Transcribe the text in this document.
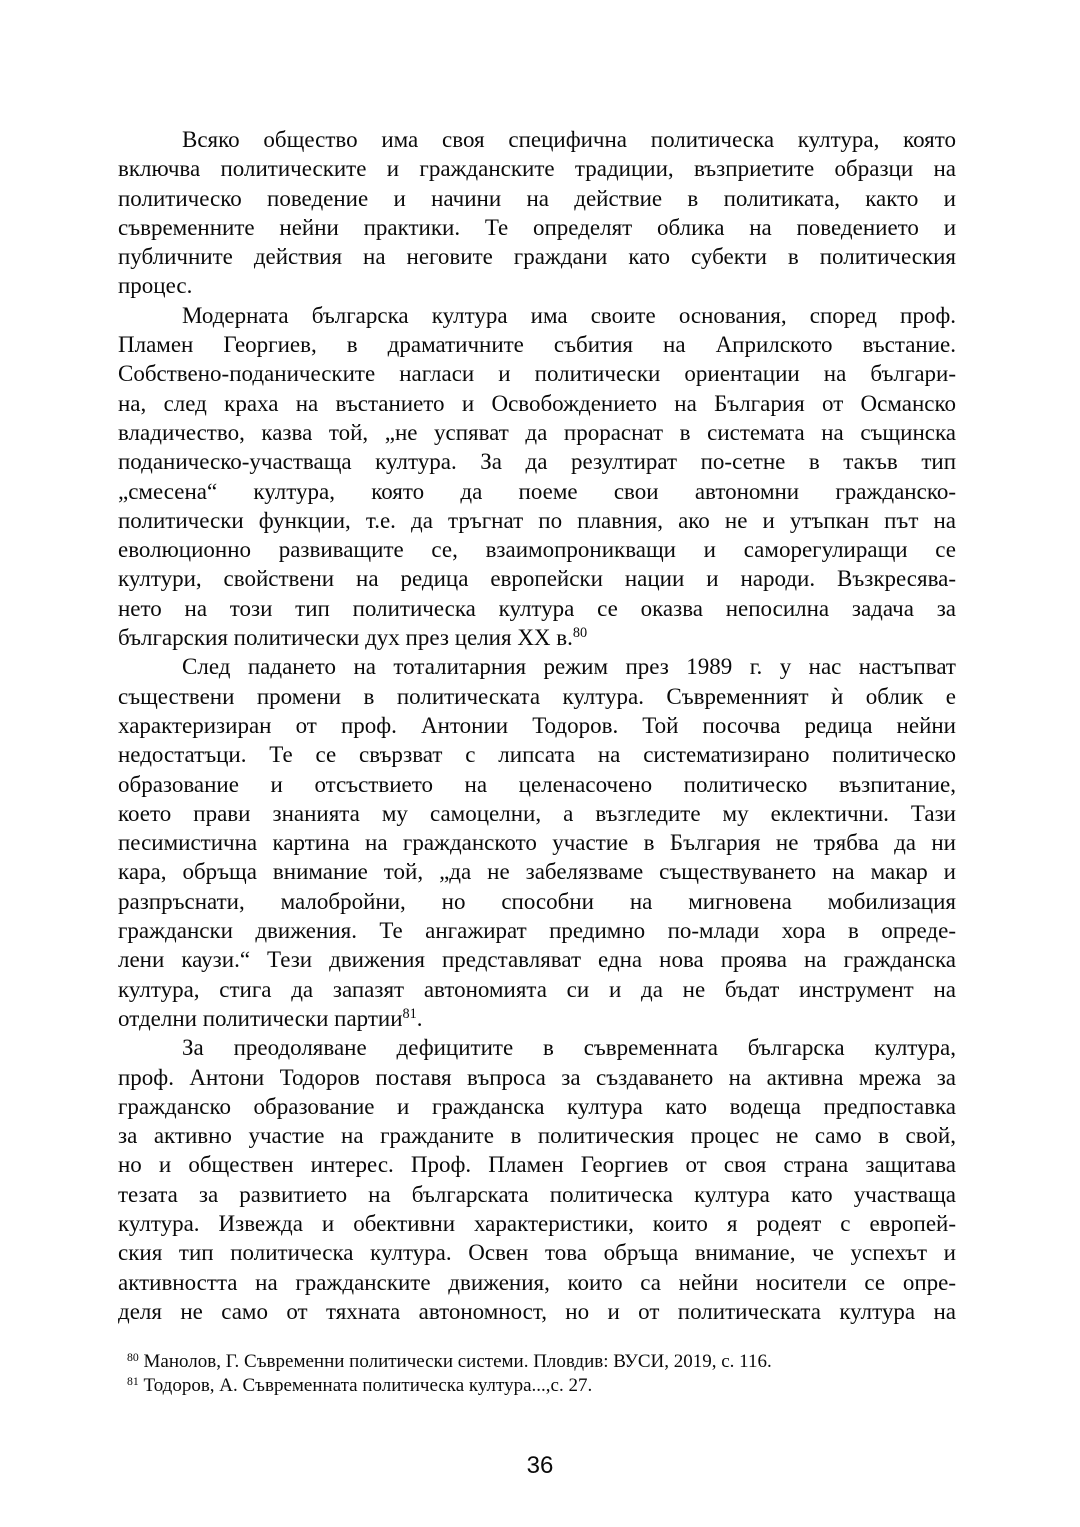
Всяко общество има своя специфична политическа култура, която
включва политическите и гражданските традиции, възприетите образци на
политическо поведение и начини на действие в политиката, както и
съвременните нейни практики. Те определят облика на поведението и
публичните действия на неговите граждани като субекти в политическия
процес.
Модерната българска култура има своите основания, според проф.
Пламен Георгиев, в драматичните събития на Априлското въстание.
Собствено-поданическите нагласи и политически ориентации на българи-
на, след краха на въстанието и Освобождението на България от Османско
владичество, казва той, „не успяват да прораснат в системата на същинска
поданическо-участваща култура. За да резултират по-сетне в такъв тип
„смесена“ култура, която да поеме свои автономни гражданско-
политически функции, т.е. да тръгнат по плавния, ако не и утъпкан път на
еволюционно развиващите се, взаимопроникващи и саморегулиращи се
култури, свойствени на редица европейски нации и народи. Възкресява-
нето на този тип политическа култура се оказва непосилна задача за
българския политически дух през целия XX в.$^{80}$
След падането на тоталитарния режим през 1989 г. у нас настъпват
съществени промени в политическата култура. Съвременният ѝ облик е
характеризиран от проф. Антонии Тодоров. Той посочва редица нейни
недостатъци. Те се свързват с липсата на систематизирано политическо
образование и отсъствието на целенасочено политическо възпитание,
което прави знанията му самоцелни, а възгледите му еклектични. Тази
песимистична картина на гражданското участие в България не трябва да ни
кара, обръща внимание той, „да не забелязваме съществуването на макар и
разпръснати, малобройни, но способни на мигновена мобилизация
граждански движения. Те ангажират предимно по-млади хора в опреде-
лени каузи.“ Тези движения представляват една нова проява на гражданска
култура, стига да запазят автономията си и да не бъдат инструмент на
отделни политически партии$^{81}$.
За преодоляване дефицитите в съвременната българска култура,
проф. Антони Тодоров поставя въпроса за създаването на активна мрежа за
гражданско образование и гражданска култура като водеща предпоставка
за активно участие на гражданите в политическия процес не само в свой,
но и обществен интерес. Проф. Пламен Георгиев от своя страна защитава
тезата за развитието на българската политическа култура като участваща
култура. Извежда и обективни характеристики, които я родеят с европей-
ския тип политическа култура. Освен това обръща внимание, че успехът и
активността на гражданските движения, които са нейни носители се опре-
деля не само от тяхната автономност, но и от политическата култура на
$^{80}$ Манолов, Г. Съвременни политически системи. Пловдив: ВУСИ, 2019, с. 116.
$^{81}$ Тодоров, А. Съвременната политическа култура...,с. 27.
36
